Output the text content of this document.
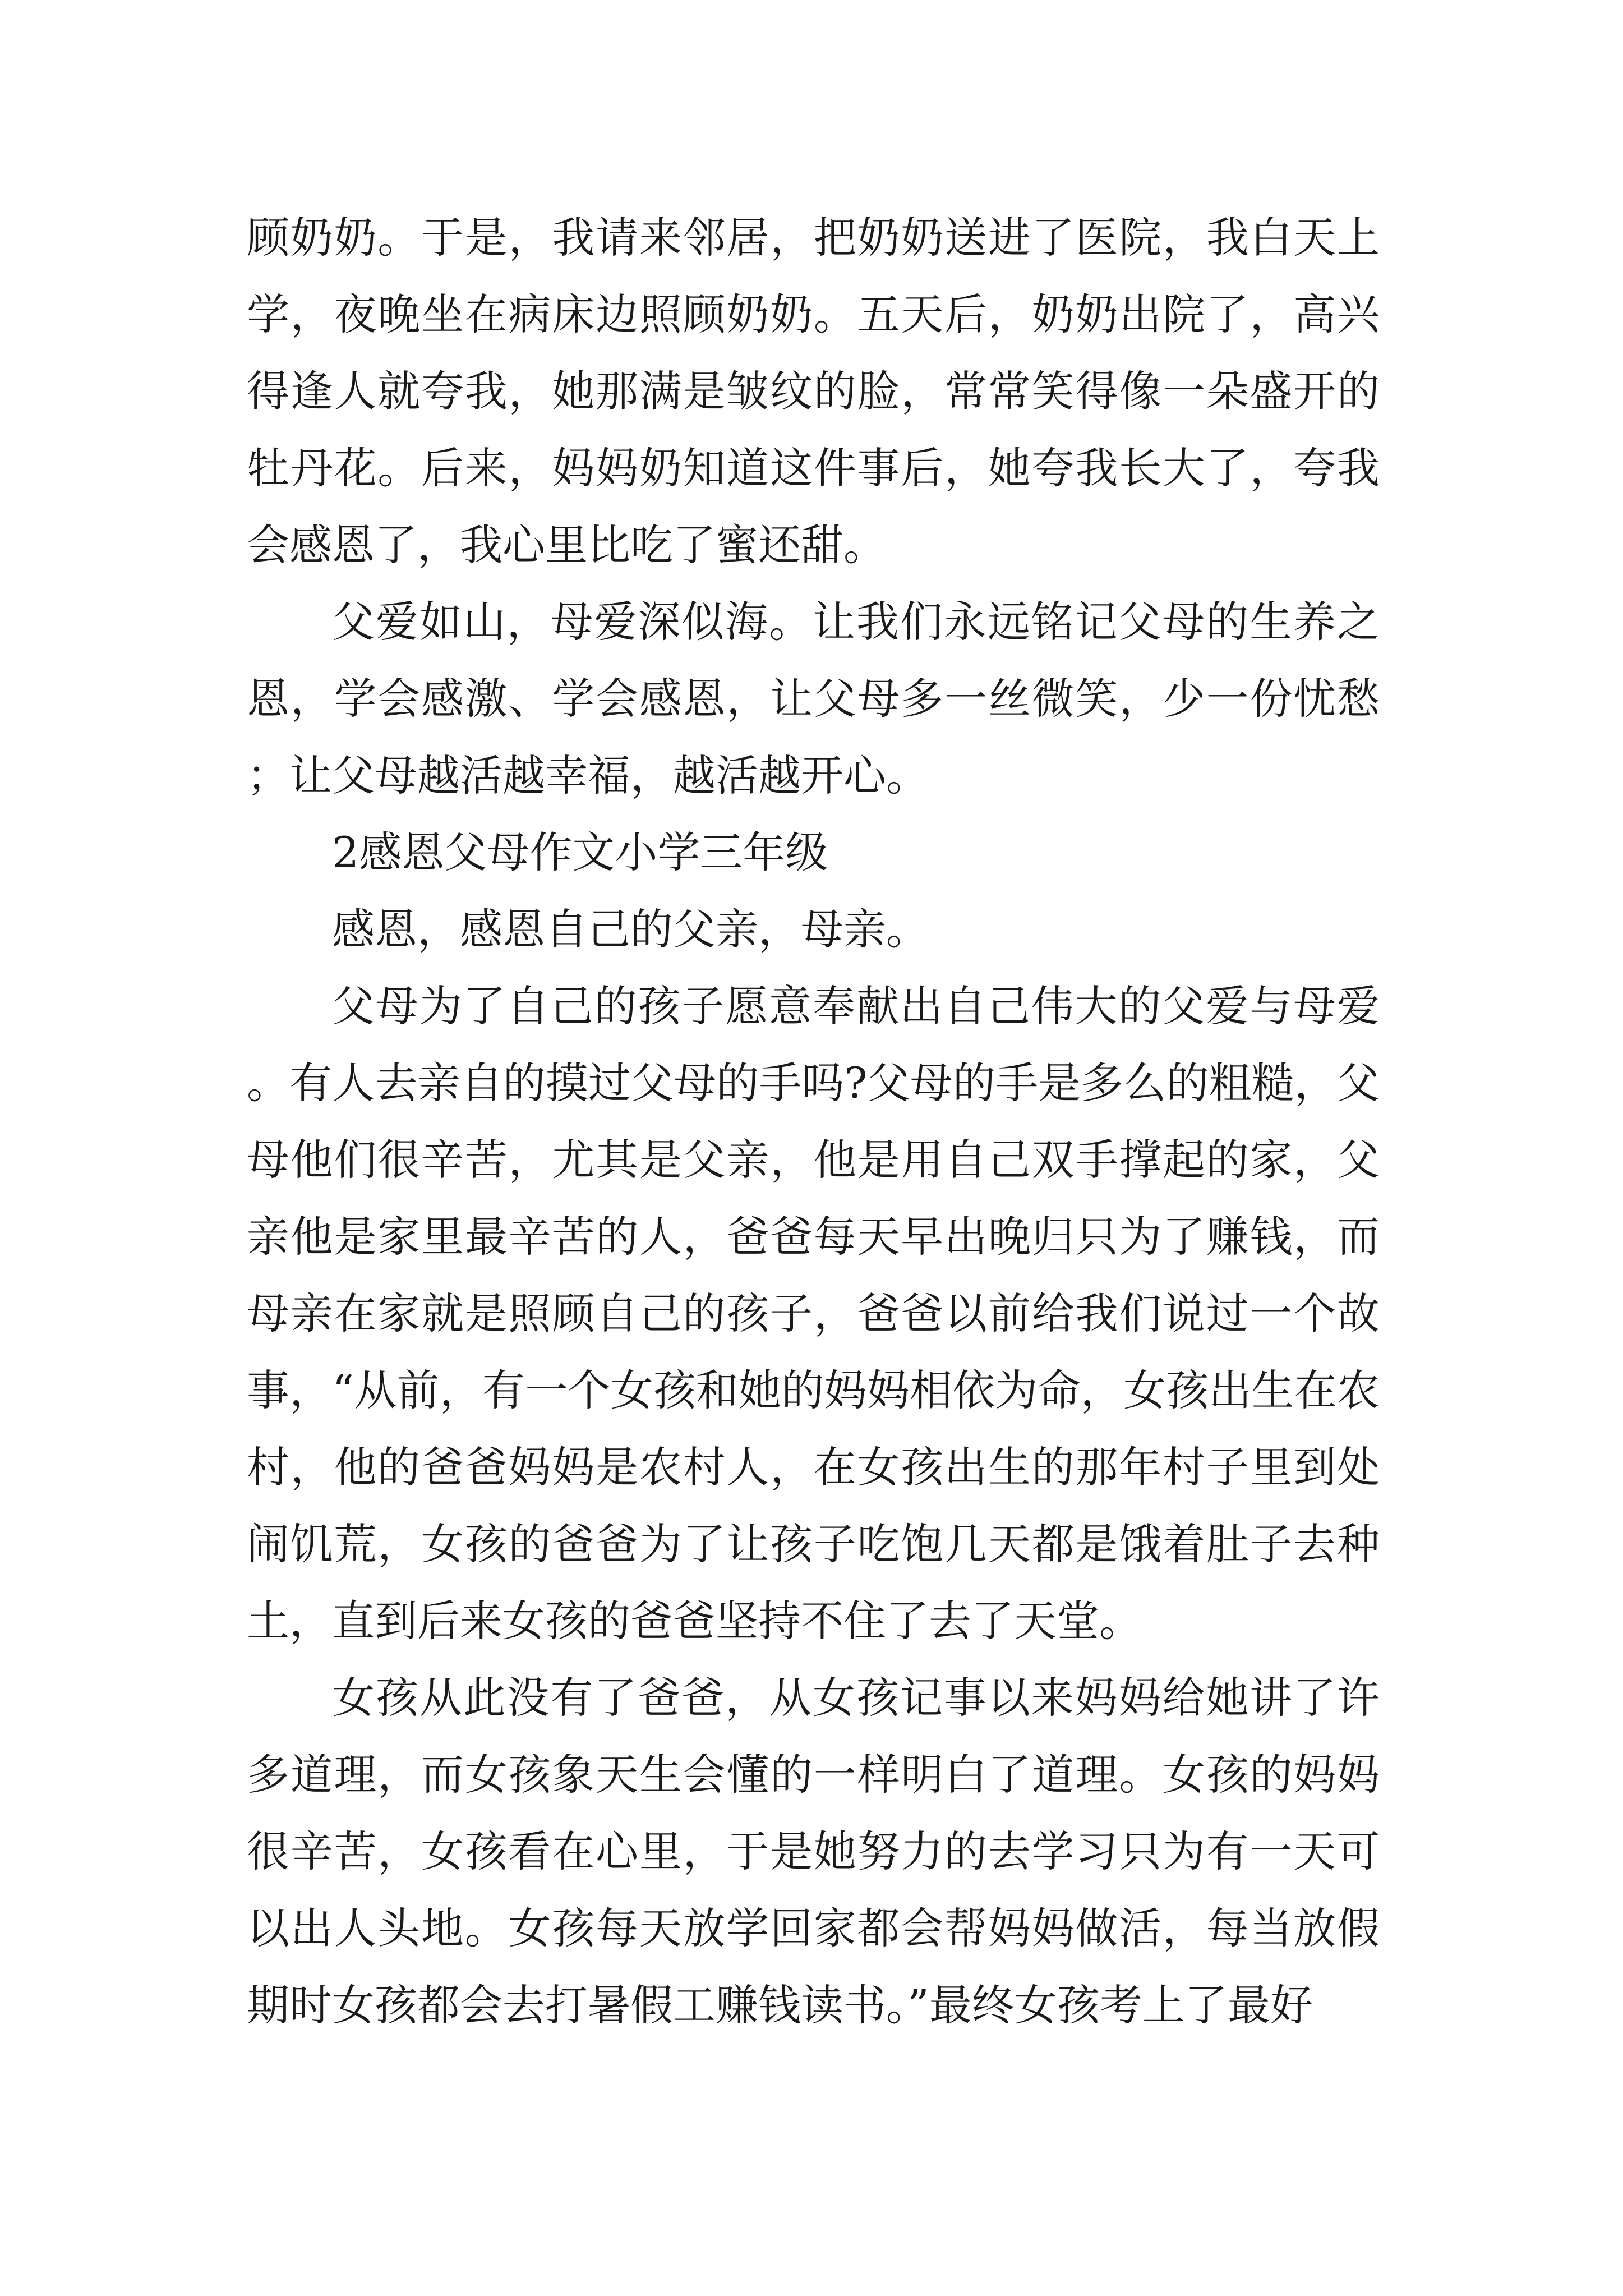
顾奶奶。于是，我请来邻居，把奶奶送进了医院，我白天上学，夜晚坐在病床边照顾奶奶。五天后，奶奶出院了，高兴得逢人就夸我，她那满是皱纹的脸，常常笑得像一朵盛开的牡丹花。后来，妈妈奶知道这件事后，她夸我长大了，夸我会感恩了，我心里比吃了蜜还甜。

父爱如山，母爱深似海。让我们永远铭记父母的生养之恩，学会感激、学会感恩，让父母多一丝微笑，少一份忧愁；让父母越活越幸福，越活越开心。

2感恩父母作文小学三年级

感恩，感恩自己的父亲，母亲。

父母为了自己的孩子愿意奉献出自己伟大的父爱与母爱。有人去亲自的摸过父母的手吗?父母的手是多么的粗糙，父母他们很辛苦，尤其是父亲，他是用自己双手撑起的家，父亲他是家里最辛苦的人，爸爸每天早出晚归只为了赚钱，而母亲在家就是照顾自己的孩子，爸爸以前给我们说过一个故事，“从前，有一个女孩和她的妈妈相依为命，女孩出生在农村，他的爸爸妈妈是农村人，在女孩出生的那年村子里到处闹饥荒，女孩的爸爸为了让孩子吃饱几天都是饿着肚子去种土，直到后来女孩的爸爸坚持不住了去了天堂。

女孩从此没有了爸爸，从女孩记事以来妈妈给她讲了许多道理，而女孩象天生会懂的一样明白了道理。女孩的妈妈很辛苦，女孩看在心里，于是她努力的去学习只为有一天可以出人头地。女孩每天放学回家都会帮妈妈做活，每当放假期时女孩都会去打暑假工赚钱读书。”最终女孩考上了最好
